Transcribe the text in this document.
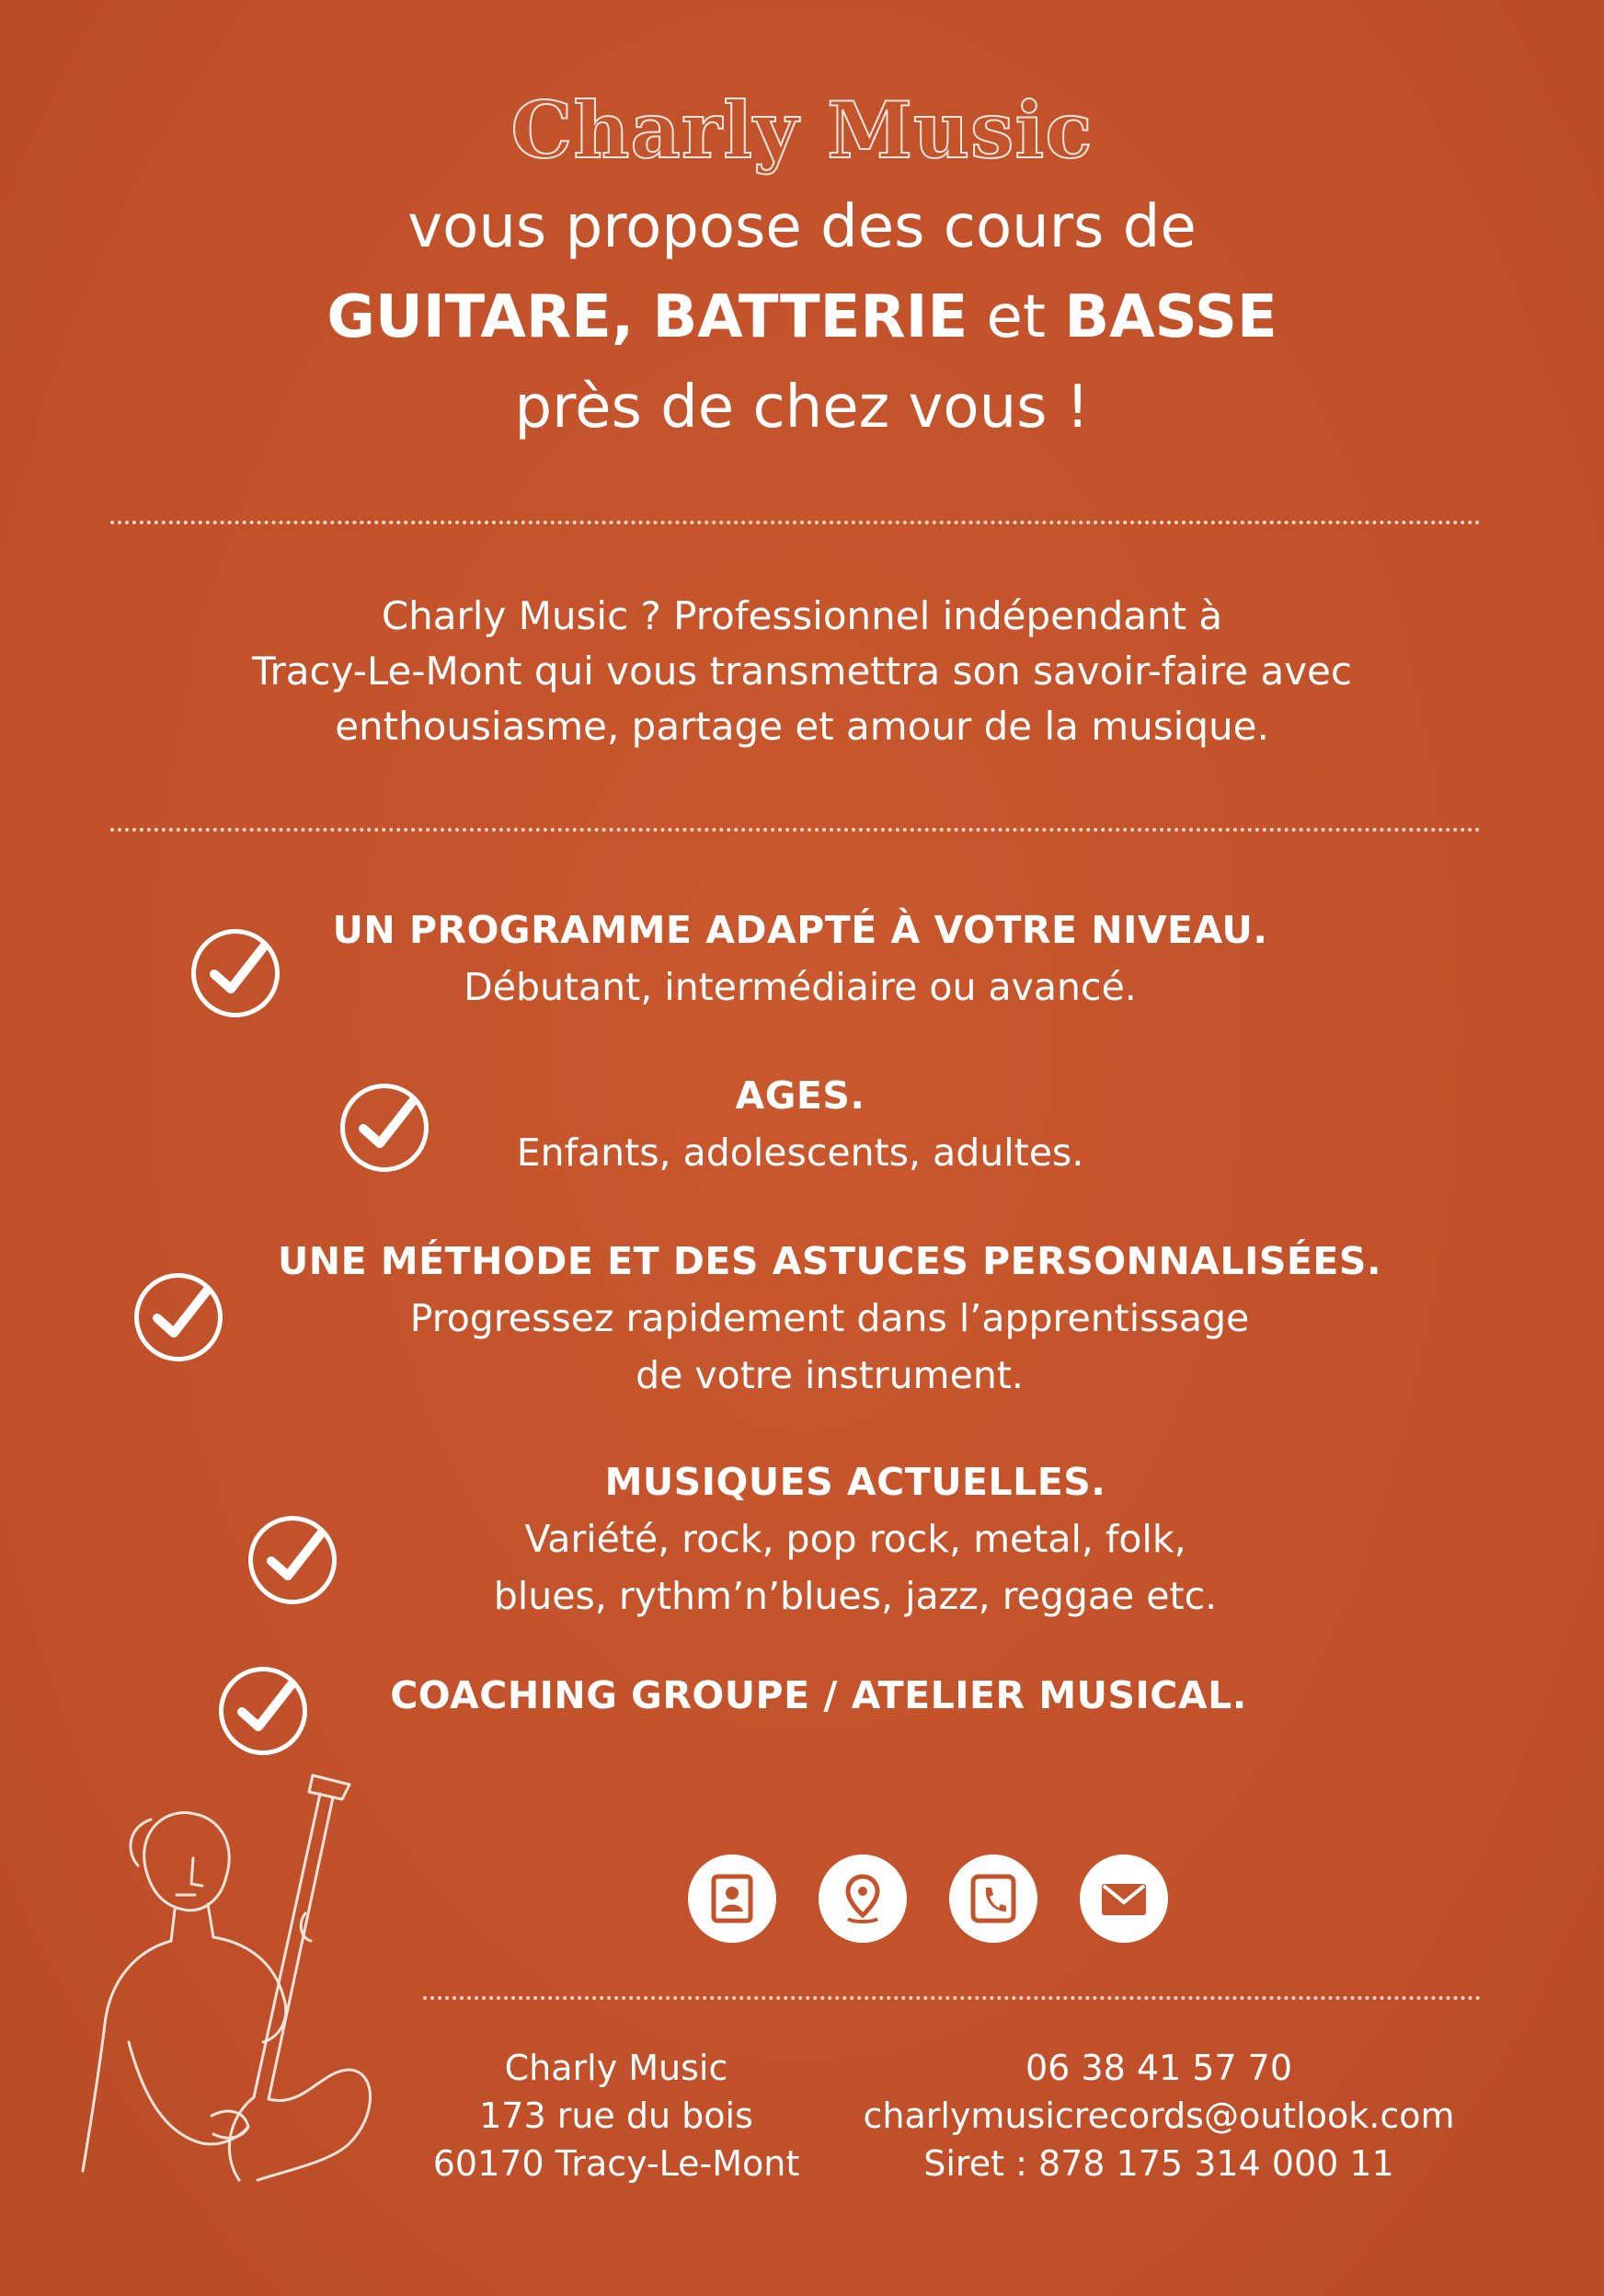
Charly Music
vous propose des cours de
GUITARE, BATTERIE et BASSE
près de chez vous !
Charly Music ? Professionnel indépendant à
Tracy-Le-Mont qui vous transmettra son savoir-faire avec
enthousiasme, partage et amour de la musique.
UN PROGRAMME ADAPTÉ À VOTRE NIVEAU.
Débutant, intermédiaire ou avancé.
AGES.
Enfants, adolescents, adultes.
UNE MÉTHODE ET DES ASTUCES PERSONNALISÉES.
Progressez rapidement dans l’apprentissage
de votre instrument.
MUSIQUES ACTUELLES.
Variété, rock, pop rock, metal, folk,
blues, rythm’n’blues, jazz, reggae etc.
COACHING GROUPE / ATELIER MUSICAL.
Charly Music
173 rue du bois
60170 Tracy-Le-Mont
06 38 41 57 70
charlymusicrecords@outlook.com
Siret : 878 175 314 000 11
